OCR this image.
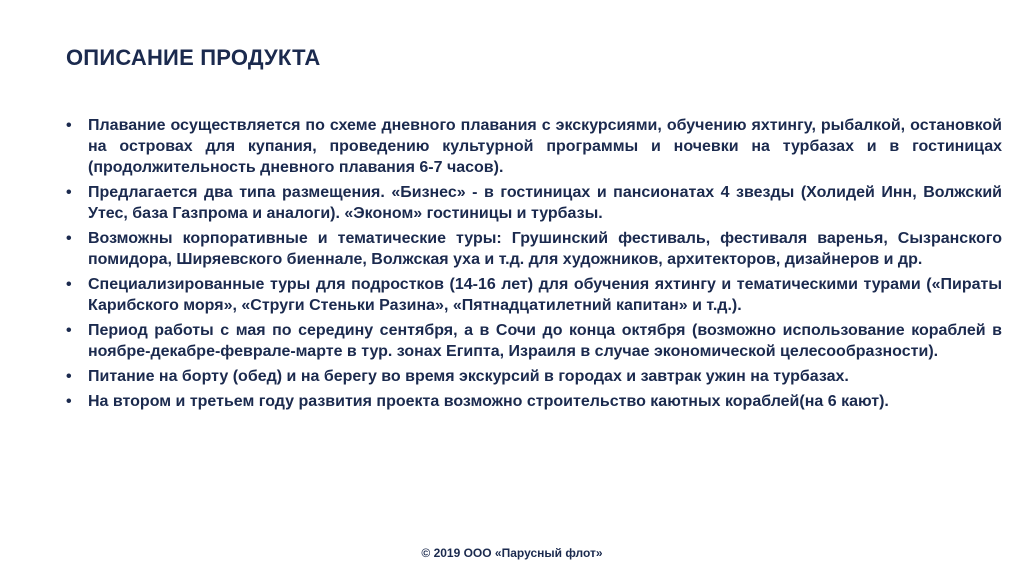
ОПИСАНИЕ ПРОДУКТА
• Плавание осуществляется по схеме дневного плавания с экскурсиями, обучению яхтингу, рыбалкой, остановкой на островах для купания, проведению культурной программы и ночевки на турбазах и в гостиницах (продолжительность дневного плавания 6-7 часов).
• Предлагается два типа размещения. «Бизнес» - в гостиницах и пансионатах 4 звезды (Холидей Инн, Волжский Утес, база Газпрома и аналоги). «Эконом» гостиницы и турбазы.
• Возможны корпоративные и тематические туры: Грушинский фестиваль, фестиваля варенья, Сызранского помидора, Ширяевского биеннале, Волжская уха и т.д. для художников, архитекторов, дизайнеров и др.
• Специализированные туры для подростков (14-16 лет) для обучения яхтингу и тематическими турами («Пираты Карибского моря», «Струги Стеньки Разина», «Пятнадцатилетний капитан» и т.д.).
• Период работы с мая по середину сентября, а в Сочи до конца октября (возможно использование кораблей в ноябре-декабре-феврале-марте в тур. зонах Египта, Израиля в случае экономической целесообразности).
• Питание на борту (обед) и на берегу во время экскурсий в городах и завтрак ужин на турбазах.
• На втором и третьем году развития проекта возможно строительство каютных кораблей(на 6 кают).
© 2019 ООО «Парусный флот»
